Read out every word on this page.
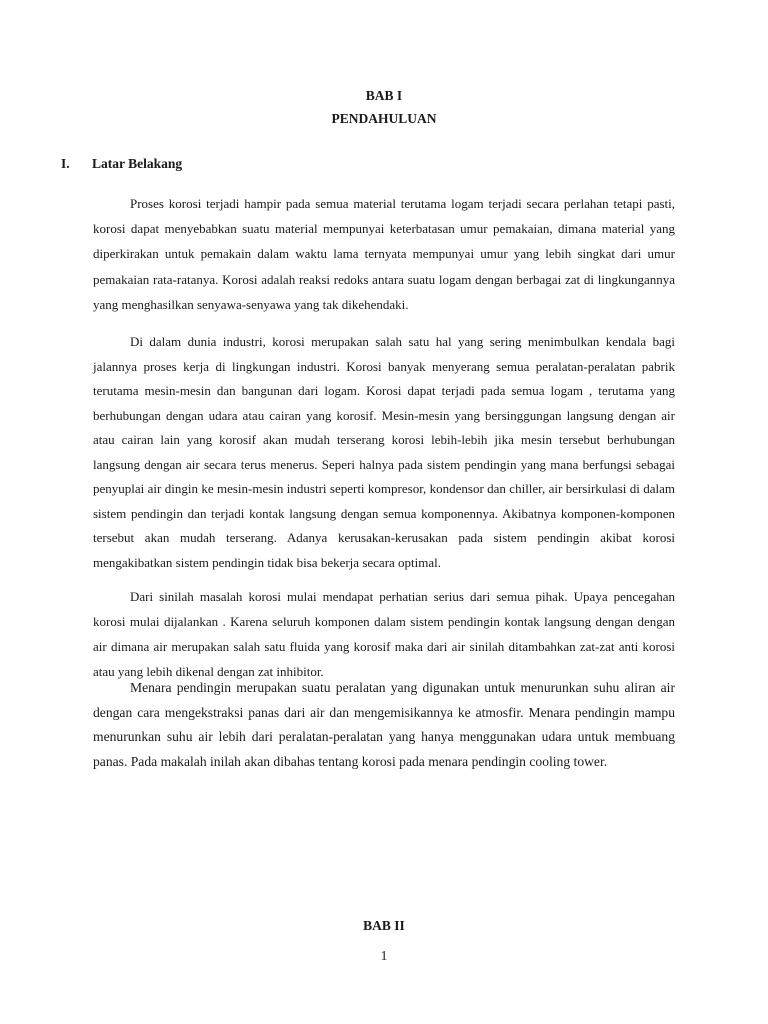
BAB I
PENDAHULUAN
I. Latar Belakang

Proses korosi terjadi hampir pada semua material terutama logam terjadi secara perlahan tetapi pasti, korosi dapat menyebabkan suatu material mempunyai keterbatasan umur pemakaian, dimana material yang diperkirakan untuk pemakain dalam waktu lama ternyata mempunyai umur yang lebih singkat dari umur pemakaian rata-ratanya. Korosi adalah reaksi redoks antara suatu logam dengan berbagai zat di lingkungannya yang menghasilkan senyawa-senyawa yang tak dikehendaki.

Di dalam dunia industri, korosi merupakan salah satu hal yang sering menimbulkan kendala bagi jalannya proses kerja di lingkungan industri. Korosi banyak menyerang semua peralatan-peralatan pabrik terutama mesin-mesin dan bangunan dari logam. Korosi dapat terjadi pada semua logam , terutama yang berhubungan dengan udara atau cairan yang korosif. Mesin-mesin yang bersinggungan langsung dengan air atau cairan lain yang korosif akan mudah terserang korosi lebih-lebih jika mesin tersebut berhubungan langsung dengan air secara terus menerus. Seperi halnya pada sistem pendingin yang mana berfungsi sebagai penyuplai air dingin ke mesin-mesin industri seperti kompresor, kondensor dan chiller, air bersirkulasi di dalam sistem pendingin dan terjadi kontak langsung dengan semua komponennya. Akibatnya komponen-komponen tersebut akan mudah terserang. Adanya kerusakan-kerusakan pada sistem pendingin akibat korosi mengakibatkan sistem pendingin tidak bisa bekerja secara optimal.

Dari sinilah masalah korosi mulai mendapat perhatian serius dari semua pihak. Upaya pencegahan korosi mulai dijalankan . Karena seluruh komponen dalam sistem pendingin kontak langsung dengan dengan air dimana air merupakan salah satu fluida yang korosif maka dari air sinilah ditambahkan zat-zat anti korosi atau yang lebih dikenal dengan zat inhibitor.

Menara pendingin merupakan suatu peralatan yang digunakan untuk menurunkan suhu aliran air dengan cara mengekstraksi panas dari air dan mengemisikannya ke atmosfir. Menara pendingin mampu menurunkan suhu air lebih dari peralatan-peralatan yang hanya menggunakan udara untuk membuang panas. Pada makalah inilah akan dibahas tentang korosi pada menara pendingin cooling tower.

BAB II
1
